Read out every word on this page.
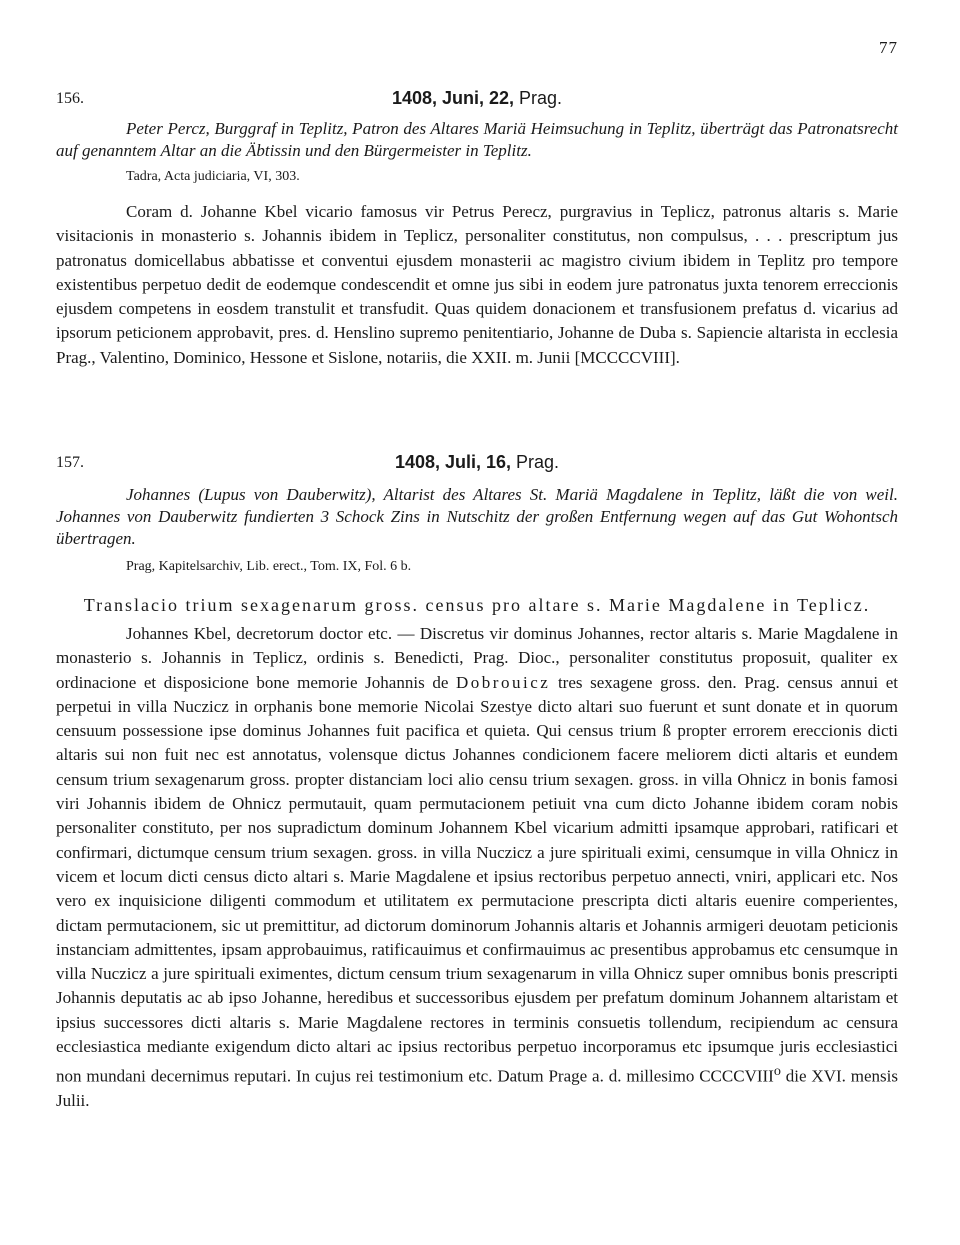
77
156.	1408, Juni, 22, Prag.

Peter Percz, Burggraf in Teplitz, Patron des Altares Mariä Heimsuchung in Teplitz, überträgt das Patronatsrecht auf genanntem Altar an die Äbtissin und den Bürgermeister in Teplitz.

Tadra, Acta judiciaria, VI, 303.

Coram d. Johanne Kbel vicario famosus vir Petrus Perecz, purgravius in Teplicz, patronus altaris s. Marie visitacionis in monasterio s. Johannis ibidem in Teplicz, personaliter constitutus, non compulsus, . . . prescriptum jus patronatus domicellabus abbatisse et conventui ejusdem monasterii ac magistro civium ibidem in Teplitz pro tempore existentibus perpetuo dedit de eodemque condescendit et omne jus sibi in eodem jure patronatus juxta tenorem erreccionis ejusdem competens in eosdem transtulit et transfudit. Quas quidem donacionem et transfusionem prefatus d. vicarius ad ipsorum peticionem approbavit, pres. d. Henslino supremo penitentiario, Johanne de Duba s. Sapiencie altarista in ecclesia Prag., Valentino, Dominico, Hessone et Sislone, notariis, die XXII. m. Junii [MCCCCVIII].

157.	1408, Juli, 16, Prag.

Johannes (Lupus von Dauberwitz), Altarist des Altares St. Mariä Magdalene in Teplitz, läßt die von weil. Johannes von Dauberwitz fundierten 3 Schock Zins in Nutschitz der großen Entfernung wegen auf das Gut Wohontsch übertragen.

Prag, Kapitelsarchiv, Lib. erect., Tom. IX, Fol. 6 b.

Translacio trium sexagenarum gross. census pro altare s. Marie Magdalene in Teplicz.

Johannes Kbel, decretorum doctor etc. — Discretus vir dominus Johannes, rector altaris s. Marie Magdalene in monasterio s. Johannis in Teplicz, ordinis s. Benedicti, Prag. Dioc., personaliter constitutus proposuit, qualiter ex ordinacione et disposicione bone memorie Johannis de Dobrouicz tres sexagene gross. den. Prag. census annui et perpetui in villa Nuczicz in orphanis bone memorie Nicolai Szestye dicto altari suo fuerunt et sunt donate et in quorum censuum possessione ipse dominus Johannes fuit pacifica et quieta. Qui census trium ß propter errorem ereccionis dicti altaris sui non fuit nec est annotatus, volensque dictus Johannes condicionem facere meliorem dicti altaris et eundem censum trium sexagenarum gross. propter distanciam loci alio censu trium sexagen. gross. in villa Ohnicz in bonis famosi viri Johannis ibidem de Ohnicz permutauit, quam permutacionem petiuit vna cum dicto Johanne ibidem coram nobis personaliter constituto, per nos supradictum dominum Johannem Kbel vicarium admitti ipsamque approbari, ratificari et confirmari, dictumque censum trium sexagen. gross. in villa Nuczicz a jure spirituali eximi, censumque in villa Ohnicz in vicem et locum dicti census dicto altari s. Marie Magdalene et ipsius rectoribus perpetuo annecti, vniri, applicari etc. Nos vero ex inquisicione diligenti commodum et utilitatem ex permutacione prescripta dicti altaris euenire comperientes, dictam permutacionem, sic ut premittitur, ad dictorum dominorum Johannis altaris et Johannis armigeri deuotam peticionis instanciam admittentes, ipsam approbauimus, ratificauimus et confirmauimus ac presentibus approbamus etc censumque in villa Nuczicz a jure spirituali eximentes, dictum censum trium sexagenarum in villa Ohnicz super omnibus bonis prescripti Johannis deputatis ac ab ipso Johanne, heredibus et successoribus ejusdem per prefatum dominum Johannem altaristam et ipsius successores dicti altaris s. Marie Magdalene rectores in terminis consuetis tollendum, recipiendum ac censura ecclesiastica mediante exigendum dicto altari ac ipsius rectoribus perpetuo incorporamus etc ipsumque juris ecclesiastici non mundani decernimus reputari. In cujus rei testimonium etc. Datum Prage a. d. millesimo CCCCVIII$^o$ die XVI. mensis Julii.
